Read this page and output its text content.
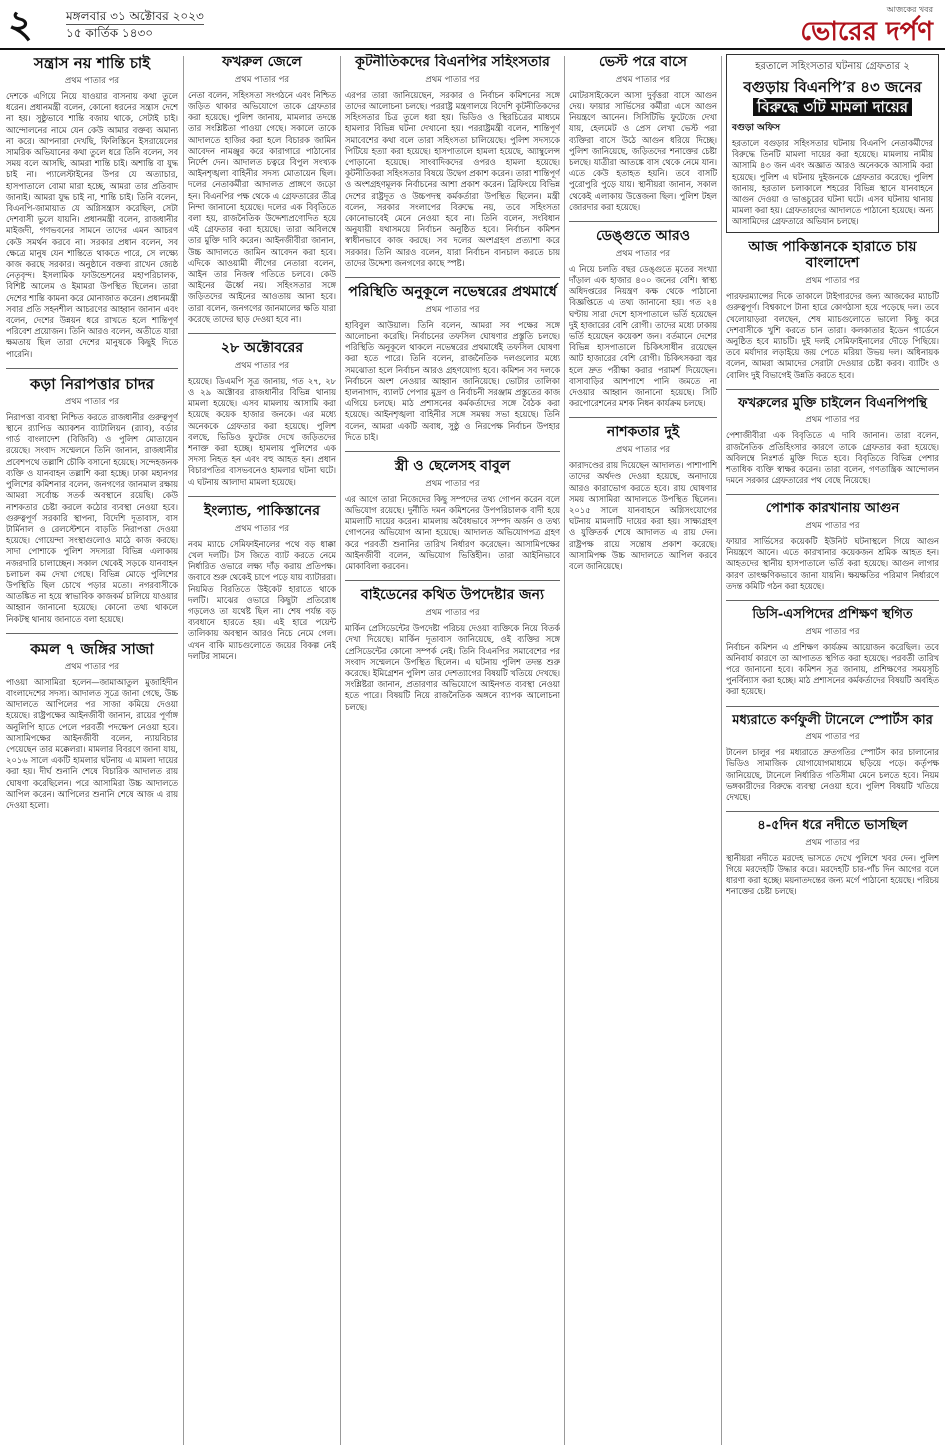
২	মঙ্গলবার ৩১ অক্টোবর ২০২৩
১৫ কার্তিক ১৪৩০
আজকের খবর
ভোরের দর্পণ
সন্ত্রাস নয় শান্তি চাই
প্রথম পাতার পর

দেশকে এগিয়ে নিয়ে যাওয়ার বাসনায় কথা তুলে ধরেন। প্রধানমন্ত্রী বলেন, কোনো ধরনের সন্ত্রাস দেশে না হয়। সুষ্ঠুভাবে শান্তি বজায় থাকে, সেটাই চাই। আন্দোলনের নামে যেন কেউ আমার বক্তব্য অমান্য না করে। আপনারা দেখছি, ফিলিস্তিনে ইসরায়েলের সামরিক অভিযানের কথা তুলে ধরে তিনি বলেন, সব সময় বলে আসছি, আমরা শান্তি চাই। অশান্তি বা যুদ্ধ চাই না। প্যালেস্টাইনের উপর যে অত্যাচার, হাসপাতালে বোমা মারা হচ্ছে, আমরা তার প্রতিবাদ জানাই। আমরা যুদ্ধ চাই না, শান্তি চাই। তিনি বলেন, বিএনপি-জামায়াত যে অগ্নিসন্ত্রাস করেছিল, সেটা দেশবাসী ভুলে যায়নি। প্রধানমন্ত্রী বলেন, রাজধানীর মাইজদী, গণভবনের সামনে তাদের এমন আচরণ কেউ সমর্থন করবে না। সরকার প্রধান বলেন, সব ক্ষেত্রে মানুষ যেন শান্তিতে থাকতে পারে, সে লক্ষ্যে কাজ করছে সরকার। অনুষ্ঠানে বক্তব্য রাখেন জ্যেষ্ঠ নেতৃবৃন্দ। ইসলামিক ফাউন্ডেশনের মহাপরিচালক, বিশিষ্ট আলেম ও ইমামরা উপস্থিত ছিলেন। তারা দেশের শান্তি কামনা করে মোনাজাত করেন। প্রধানমন্ত্রী সবার প্রতি সহনশীল আচরণের আহ্বান জানান এবং বলেন, দেশের উন্নয়ন ধরে রাখতে হলে শান্তিপূর্ণ পরিবেশ প্রয়োজন। তিনি আরও বলেন, অতীতে যারা ক্ষমতায় ছিল তারা দেশের মানুষকে কিছুই দিতে পারেনি।

কড়া নিরাপত্তার চাদর
প্রথম পাতার পর

নিরাপত্তা ব্যবস্থা নিশ্চিত করতে রাজধানীর গুরুত্বপূর্ণ স্থানে র‌্যাপিড অ্যাকশন ব্যাটালিয়ন (র‌্যাব), বর্ডার গার্ড বাংলাদেশ (বিজিবি) ও পুলিশ মোতায়েন রয়েছে। সংবাদ সম্মেলনে তিনি জানান, রাজধানীর প্রবেশপথে তল্লাশি চৌকি বসানো হয়েছে। সন্দেহজনক ব্যক্তি ও যানবাহন তল্লাশি করা হচ্ছে। ঢাকা মহানগর পুলিশের কমিশনার বলেন, জনগণের জানমাল রক্ষায় আমরা সর্বোচ্চ সতর্ক অবস্থানে রয়েছি। কেউ নাশকতার চেষ্টা করলে কঠোর ব্যবস্থা নেওয়া হবে। গুরুত্বপূর্ণ সরকারি স্থাপনা, বিদেশি দূতাবাস, বাস টার্মিনাল ও রেলস্টেশনে বাড়তি নিরাপত্তা দেওয়া হয়েছে। গোয়েন্দা সংস্থাগুলোও মাঠে কাজ করছে। সাদা পোশাকে পুলিশ সদস্যরা বিভিন্ন এলাকায় নজরদারি চালাচ্ছেন। সকাল থেকেই সড়কে যানবাহন চলাচল কম দেখা গেছে। বিভিন্ন মোড়ে পুলিশের উপস্থিতি ছিল চোখে পড়ার মতো। নগরবাসীকে আতঙ্কিত না হয়ে স্বাভাবিক কাজকর্ম চালিয়ে যাওয়ার আহ্বান জানানো হয়েছে। কোনো তথ্য থাকলে নিকটস্থ থানায় জানাতে বলা হয়েছে।

কমল ৭ জঙ্গির সাজা
প্রথম পাতার পর

পাওয়া আসামিরা হলেন—জামাআতুল মুজাহিদীন বাংলাদেশের সদস্য। আদালত সূত্রে জানা গেছে, উচ্চ আদালতে আপিলের পর সাজা কমিয়ে দেওয়া হয়েছে। রাষ্ট্রপক্ষের আইনজীবী জানান, রায়ের পূর্ণাঙ্গ অনুলিপি হাতে পেলে পরবর্তী পদক্ষেপ নেওয়া হবে। আসামিপক্ষের আইনজীবী বলেন, ন্যায়বিচার পেয়েছেন তার মক্কেলরা। মামলার বিবরণে জানা যায়, ২০১৬ সালে একটি হামলার ঘটনায় এ মামলা দায়ের করা হয়। দীর্ঘ শুনানি শেষে বিচারিক আদালত রায় ঘোষণা করেছিলেন। পরে আসামিরা উচ্চ আদালতে আপিল করেন। আপিলের শুনানি শেষে আজ এ রায় দেওয়া হলো।

ফখরুল জেলে
প্রথম পাতার পর

নেতা বলেন, সহিংসতা সংগঠনে এবং নিশ্চিত জড়িত থাকার অভিযোগে তাকে গ্রেফতার করা হয়েছে। পুলিশ জানায়, মামলার তদন্তে তার সংশ্লিষ্টতা পাওয়া গেছে। সকালে তাকে আদালতে হাজির করা হলে বিচারক জামিন আবেদন নামঞ্জুর করে কারাগারে পাঠানোর নির্দেশ দেন। আদালত চত্বরে বিপুল সংখ্যক আইনশৃঙ্খলা বাহিনীর সদস্য মোতায়েন ছিল। দলের নেতাকর্মীরা আদালত প্রাঙ্গণে জড়ো হন। বিএনপির পক্ষ থেকে এ গ্রেফতারের তীব্র নিন্দা জানানো হয়েছে। দলের এক বিবৃতিতে বলা হয়, রাজনৈতিক উদ্দেশ্যপ্রণোদিত হয়ে এই গ্রেফতার করা হয়েছে। তারা অবিলম্বে তার মুক্তি দাবি করেন। আইনজীবীরা জানান, উচ্চ আদালতে জামিন আবেদন করা হবে। এদিকে আওয়ামী লীগের নেতারা বলেন, আইন তার নিজস্ব গতিতে চলবে। কেউ আইনের ঊর্ধ্বে নয়। সহিংসতার সঙ্গে জড়িতদের আইনের আওতায় আনা হবে। তারা বলেন, জনগণের জানমালের ক্ষতি যারা করেছে তাদের ছাড় দেওয়া হবে না।

২৮ অক্টোবরের
প্রথম পাতার পর

হয়েছে। ডিএমপি সূত্র জানায়, গত ২৭, ২৮ ও ২৯ অক্টোবর রাজধানীর বিভিন্ন থানায় মামলা হয়েছে। এসব মামলায় আসামি করা হয়েছে কয়েক হাজার জনকে। এর মধ্যে অনেককে গ্রেফতার করা হয়েছে। পুলিশ বলছে, ভিডিও ফুটেজ দেখে জড়িতদের শনাক্ত করা হচ্ছে। হামলায় পুলিশের এক সদস্য নিহত হন এবং বহু আহত হন। প্রধান বিচারপতির বাসভবনেও হামলার ঘটনা ঘটে। এ ঘটনায় আলাদা মামলা হয়েছে।

ইংল্যান্ড, পাকিস্তানের
প্রথম পাতার পর

নবম ম্যাচে সেমিফাইনালের পথে বড় ধাক্কা খেল দলটি। টস জিতে ব্যাট করতে নেমে নির্ধারিত ওভারে লক্ষ্য দাঁড় করায় প্রতিপক্ষ। জবাবে শুরু থেকেই চাপে পড়ে যায় ব্যাটাররা। নিয়মিত বিরতিতে উইকেট হারাতে থাকে দলটি। মাঝের ওভারে কিছুটা প্রতিরোধ গড়লেও তা যথেষ্ট ছিল না। শেষ পর্যন্ত বড় ব্যবধানে হারতে হয়। এই হারে পয়েন্ট তালিকায় অবস্থান আরও নিচে নেমে গেল। এখন বাকি ম্যাচগুলোতে জয়ের বিকল্প নেই দলটির সামনে।

কূটনীতিকদের বিএনপির সহিংসতার
প্রথম পাতার পর

এরপর তারা জানিয়েছেন, সরকার ও নির্বাচন কমিশনের সঙ্গে তাদের আলোচনা চলছে। পররাষ্ট্র মন্ত্রণালয়ে বিদেশি কূটনীতিকদের সহিংসতার চিত্র তুলে ধরা হয়। ভিডিও ও স্থিরচিত্রের মাধ্যমে হামলার বিভিন্ন ঘটনা দেখানো হয়। পররাষ্ট্রমন্ত্রী বলেন, শান্তিপূর্ণ সমাবেশের কথা বলে তারা সহিংসতা চালিয়েছে। পুলিশ সদস্যকে পিটিয়ে হত্যা করা হয়েছে। হাসপাতালে হামলা হয়েছে, অ্যাম্বুলেন্স পোড়ানো হয়েছে। সাংবাদিকদের ওপরও হামলা হয়েছে। কূটনীতিকরা সহিংসতার বিষয়ে উদ্বেগ প্রকাশ করেন। তারা শান্তিপূর্ণ ও অংশগ্রহণমূলক নির্বাচনের আশা প্রকাশ করেন। ব্রিফিংয়ে বিভিন্ন দেশের রাষ্ট্রদূত ও উচ্চপদস্থ কর্মকর্তারা উপস্থিত ছিলেন। মন্ত্রী বলেন, সরকার সংলাপের বিরুদ্ধে নয়, তবে সহিংসতা কোনোভাবেই মেনে নেওয়া হবে না। তিনি বলেন, সংবিধান অনুযায়ী যথাসময়ে নির্বাচন অনুষ্ঠিত হবে। নির্বাচন কমিশন স্বাধীনভাবে কাজ করছে। সব দলের অংশগ্রহণ প্রত্যাশা করে সরকার। তিনি আরও বলেন, যারা নির্বাচন বানচাল করতে চায় তাদের উদ্দেশ্য জনগণের কাছে স্পষ্ট।

পরিস্থিতি অনুকূলে নভেম্বরের প্রথমার্ধে
প্রথম পাতার পর

হাবিবুল আউয়াল। তিনি বলেন, আমরা সব পক্ষের সঙ্গে আলোচনা করেছি। নির্বাচনের তফসিল ঘোষণার প্রস্তুতি চলছে। পরিস্থিতি অনুকূলে থাকলে নভেম্বরের প্রথমার্ধেই তফসিল ঘোষণা করা হতে পারে। তিনি বলেন, রাজনৈতিক দলগুলোর মধ্যে সমঝোতা হলে নির্বাচন আরও গ্রহণযোগ্য হবে। কমিশন সব দলকে নির্বাচনে অংশ নেওয়ার আহ্বান জানিয়েছে। ভোটার তালিকা হালনাগাদ, ব্যালট পেপার মুদ্রণ ও নির্বাচনী সরঞ্জাম প্রস্তুতের কাজ এগিয়ে চলছে। মাঠ প্রশাসনের কর্মকর্তাদের সঙ্গে বৈঠক করা হয়েছে। আইনশৃঙ্খলা বাহিনীর সঙ্গে সমন্বয় সভা হয়েছে। তিনি বলেন, আমরা একটি অবাধ, সুষ্ঠু ও নিরপেক্ষ নির্বাচন উপহার দিতে চাই।

স্ত্রী ও ছেলেসহ বাবুল
প্রথম পাতার পর

এর আগে তারা নিজেদের কিছু সম্পদের তথ্য গোপন করেন বলে অভিযোগ রয়েছে। দুর্নীতি দমন কমিশনের উপপরিচালক বাদী হয়ে মামলাটি দায়ের করেন। মামলায় অবৈধভাবে সম্পদ অর্জন ও তথ্য গোপনের অভিযোগ আনা হয়েছে। আদালত অভিযোগপত্র গ্রহণ করে পরবর্তী শুনানির তারিখ নির্ধারণ করেছেন। আসামিপক্ষের আইনজীবী বলেন, অভিযোগ ভিত্তিহীন। তারা আইনিভাবে মোকাবিলা করবেন।

বাইডেনের কথিত উপদেষ্টার জন্য
প্রথম পাতার পর

মার্কিন প্রেসিডেন্টের উপদেষ্টা পরিচয় দেওয়া ব্যক্তিকে নিয়ে বিতর্ক দেখা দিয়েছে। মার্কিন দূতাবাস জানিয়েছে, ওই ব্যক্তির সঙ্গে প্রেসিডেন্টের কোনো সম্পর্ক নেই। তিনি বিএনপির সমাবেশের পর সংবাদ সম্মেলনে উপস্থিত ছিলেন। এ ঘটনায় পুলিশ তদন্ত শুরু করেছে। ইমিগ্রেশন পুলিশ তার দেশত্যাগের বিষয়টি খতিয়ে দেখছে। সংশ্লিষ্টরা জানান, প্রতারণার অভিযোগে আইনগত ব্যবস্থা নেওয়া হতে পারে। বিষয়টি নিয়ে রাজনৈতিক অঙ্গনে ব্যাপক আলোচনা চলছে।

ভেস্ট পরে বাসে
প্রথম পাতার পর

মোটরসাইকেলে আসা দুর্বৃত্তরা বাসে আগুন দেয়। ফায়ার সার্ভিসের কর্মীরা এসে আগুন নিয়ন্ত্রণে আনেন। সিসিটিভি ফুটেজে দেখা যায়, হেলমেট ও প্রেস লেখা ভেস্ট পরা ব্যক্তিরা বাসে উঠে আগুন ধরিয়ে দিচ্ছে। পুলিশ জানিয়েছে, জড়িতদের শনাক্তের চেষ্টা চলছে। যাত্রীরা আতঙ্কে বাস থেকে নেমে যান। এতে কেউ হতাহত হয়নি। তবে বাসটি পুরোপুরি পুড়ে যায়। স্থানীয়রা জানান, সকাল থেকেই এলাকায় উত্তেজনা ছিল। পুলিশ টহল জোরদার করা হয়েছে।

ডেঙ্গুতে আরও
প্রথম পাতার পর

এ নিয়ে চলতি বছর ডেঙ্গুতে মৃতের সংখ্যা দাঁড়াল এক হাজার ৪০০ জনের বেশি। স্বাস্থ্য অধিদপ্তরের নিয়ন্ত্রণ কক্ষ থেকে পাঠানো বিজ্ঞপ্তিতে এ তথ্য জানানো হয়। গত ২৪ ঘণ্টায় সারা দেশে হাসপাতালে ভর্তি হয়েছেন দুই হাজারের বেশি রোগী। তাদের মধ্যে ঢাকায় ভর্তি হয়েছেন কয়েকশ জন। বর্তমানে দেশের বিভিন্ন হাসপাতালে চিকিৎসাধীন রয়েছেন আট হাজারের বেশি রোগী। চিকিৎসকরা জ্বর হলে দ্রুত পরীক্ষা করার পরামর্শ দিয়েছেন। বাসাবাড়ির আশপাশে পানি জমতে না দেওয়ার আহ্বান জানানো হয়েছে। সিটি করপোরেশনের মশক নিধন কার্যক্রম চলছে।

নাশকতার দুই
প্রথম পাতার পর

কারাদণ্ডের রায় দিয়েছেন আদালত। পাশাপাশি তাদের অর্থদণ্ড দেওয়া হয়েছে, অনাদায়ে আরও কারাভোগ করতে হবে। রায় ঘোষণার সময় আসামিরা আদালতে উপস্থিত ছিলেন। ২০১৫ সালে যানবাহনে অগ্নিসংযোগের ঘটনায় মামলাটি দায়ের করা হয়। সাক্ষ্যগ্রহণ ও যুক্তিতর্ক শেষে আদালত এ রায় দেন। রাষ্ট্রপক্ষ রায়ে সন্তোষ প্রকাশ করেছে। আসামিপক্ষ উচ্চ আদালতে আপিল করবে বলে জানিয়েছে।

হরতালে সহিংসতার ঘটনায় গ্রেফতার ২
বগুড়ায় বিএনপি’র ৪৩ জনের
বিরুদ্ধে ৩টি মামলা দায়ের
বগুড়া অফিস

হরতালে বগুড়ার সহিংসতার ঘটনায় বিএনপি নেতাকর্মীদের বিরুদ্ধে তিনটি মামলা দায়ের করা হয়েছে। মামলায় নামীয় আসামি ৪৩ জন এবং অজ্ঞাত আরও অনেককে আসামি করা হয়েছে। পুলিশ এ ঘটনায় দুইজনকে গ্রেফতার করেছে। পুলিশ জানায়, হরতাল চলাকালে শহরের বিভিন্ন স্থানে যানবাহনে আগুন দেওয়া ও ভাঙচুরের ঘটনা ঘটে। এসব ঘটনায় থানায় মামলা করা হয়। গ্রেফতারদের আদালতে পাঠানো হয়েছে। অন্য আসামিদের গ্রেফতারে অভিযান চলছে।

আজ পাকিস্তানকে হারাতে চায় বাংলাদেশ
প্রথম পাতার পর

পারফরম্যান্সের দিকে তাকালে টাইগারদের জন্য আজকের ম্যাচটি গুরুত্বপূর্ণ। বিশ্বকাপে টানা হারে কোণঠাসা হয়ে পড়েছে দল। তবে খেলোয়াড়রা বলছেন, শেষ ম্যাচগুলোতে ভালো কিছু করে দেশবাসীকে খুশি করতে চান তারা। কলকাতার ইডেন গার্ডেনে অনুষ্ঠিত হবে ম্যাচটি। দুই দলই সেমিফাইনালের দৌড়ে পিছিয়ে। তবে মর্যাদার লড়াইয়ে জয় পেতে মরিয়া উভয় দল। অধিনায়ক বলেন, আমরা আমাদের সেরাটা দেওয়ার চেষ্টা করব। ব্যাটিং ও বোলিং দুই বিভাগেই উন্নতি করতে হবে।

ফখরুলের মুক্তি চাইলেন বিএনপিপন্থি
প্রথম পাতার পর

পেশাজীবীরা এক বিবৃতিতে এ দাবি জানান। তারা বলেন, রাজনৈতিক প্রতিহিংসার কারণে তাকে গ্রেফতার করা হয়েছে। অবিলম্বে নিঃশর্ত মুক্তি দিতে হবে। বিবৃতিতে বিভিন্ন পেশার শতাধিক ব্যক্তি স্বাক্ষর করেন। তারা বলেন, গণতান্ত্রিক আন্দোলন দমনে সরকার গ্রেফতারের পথ বেছে নিয়েছে।

পোশাক কারখানায় আগুন
প্রথম পাতার পর

ফায়ার সার্ভিসের কয়েকটি ইউনিট ঘটনাস্থলে গিয়ে আগুন নিয়ন্ত্রণে আনে। এতে কারখানার কয়েকজন শ্রমিক আহত হন। আহতদের স্থানীয় হাসপাতালে ভর্তি করা হয়েছে। আগুন লাগার কারণ তাৎক্ষণিকভাবে জানা যায়নি। ক্ষয়ক্ষতির পরিমাণ নির্ধারণে তদন্ত কমিটি গঠন করা হয়েছে।

ডিসি-এসপিদের প্রশিক্ষণ স্থগিত
প্রথম পাতার পর

নির্বাচন কমিশন এ প্রশিক্ষণ কার্যক্রম আয়োজন করেছিল। তবে অনিবার্য কারণে তা আপাতত স্থগিত করা হয়েছে। পরবর্তী তারিখ পরে জানানো হবে। কমিশন সূত্র জানায়, প্রশিক্ষণের সময়সূচি পুনর্বিন্যাস করা হচ্ছে। মাঠ প্রশাসনের কর্মকর্তাদের বিষয়টি অবহিত করা হয়েছে।

মধ্যরাতে কর্ণফুলী টানেলে স্পোর্টস কার
প্রথম পাতার পর

টানেল চালুর পর মধ্যরাতে দ্রুতগতির স্পোর্টস কার চালানোর ভিডিও সামাজিক যোগাযোগমাধ্যমে ছড়িয়ে পড়ে। কর্তৃপক্ষ জানিয়েছে, টানেলে নির্ধারিত গতিসীমা মেনে চলতে হবে। নিয়ম ভঙ্গকারীদের বিরুদ্ধে ব্যবস্থা নেওয়া হবে। পুলিশ বিষয়টি খতিয়ে দেখছে।

৪-৫দিন ধরে নদীতে ভাসছিল
প্রথম পাতার পর

স্থানীয়রা নদীতে মরদেহ ভাসতে দেখে পুলিশে খবর দেন। পুলিশ গিয়ে মরদেহটি উদ্ধার করে। মরদেহটি চার-পাঁচ দিন আগের বলে ধারণা করা হচ্ছে। ময়নাতদন্তের জন্য মর্গে পাঠানো হয়েছে। পরিচয় শনাক্তের চেষ্টা চলছে।
